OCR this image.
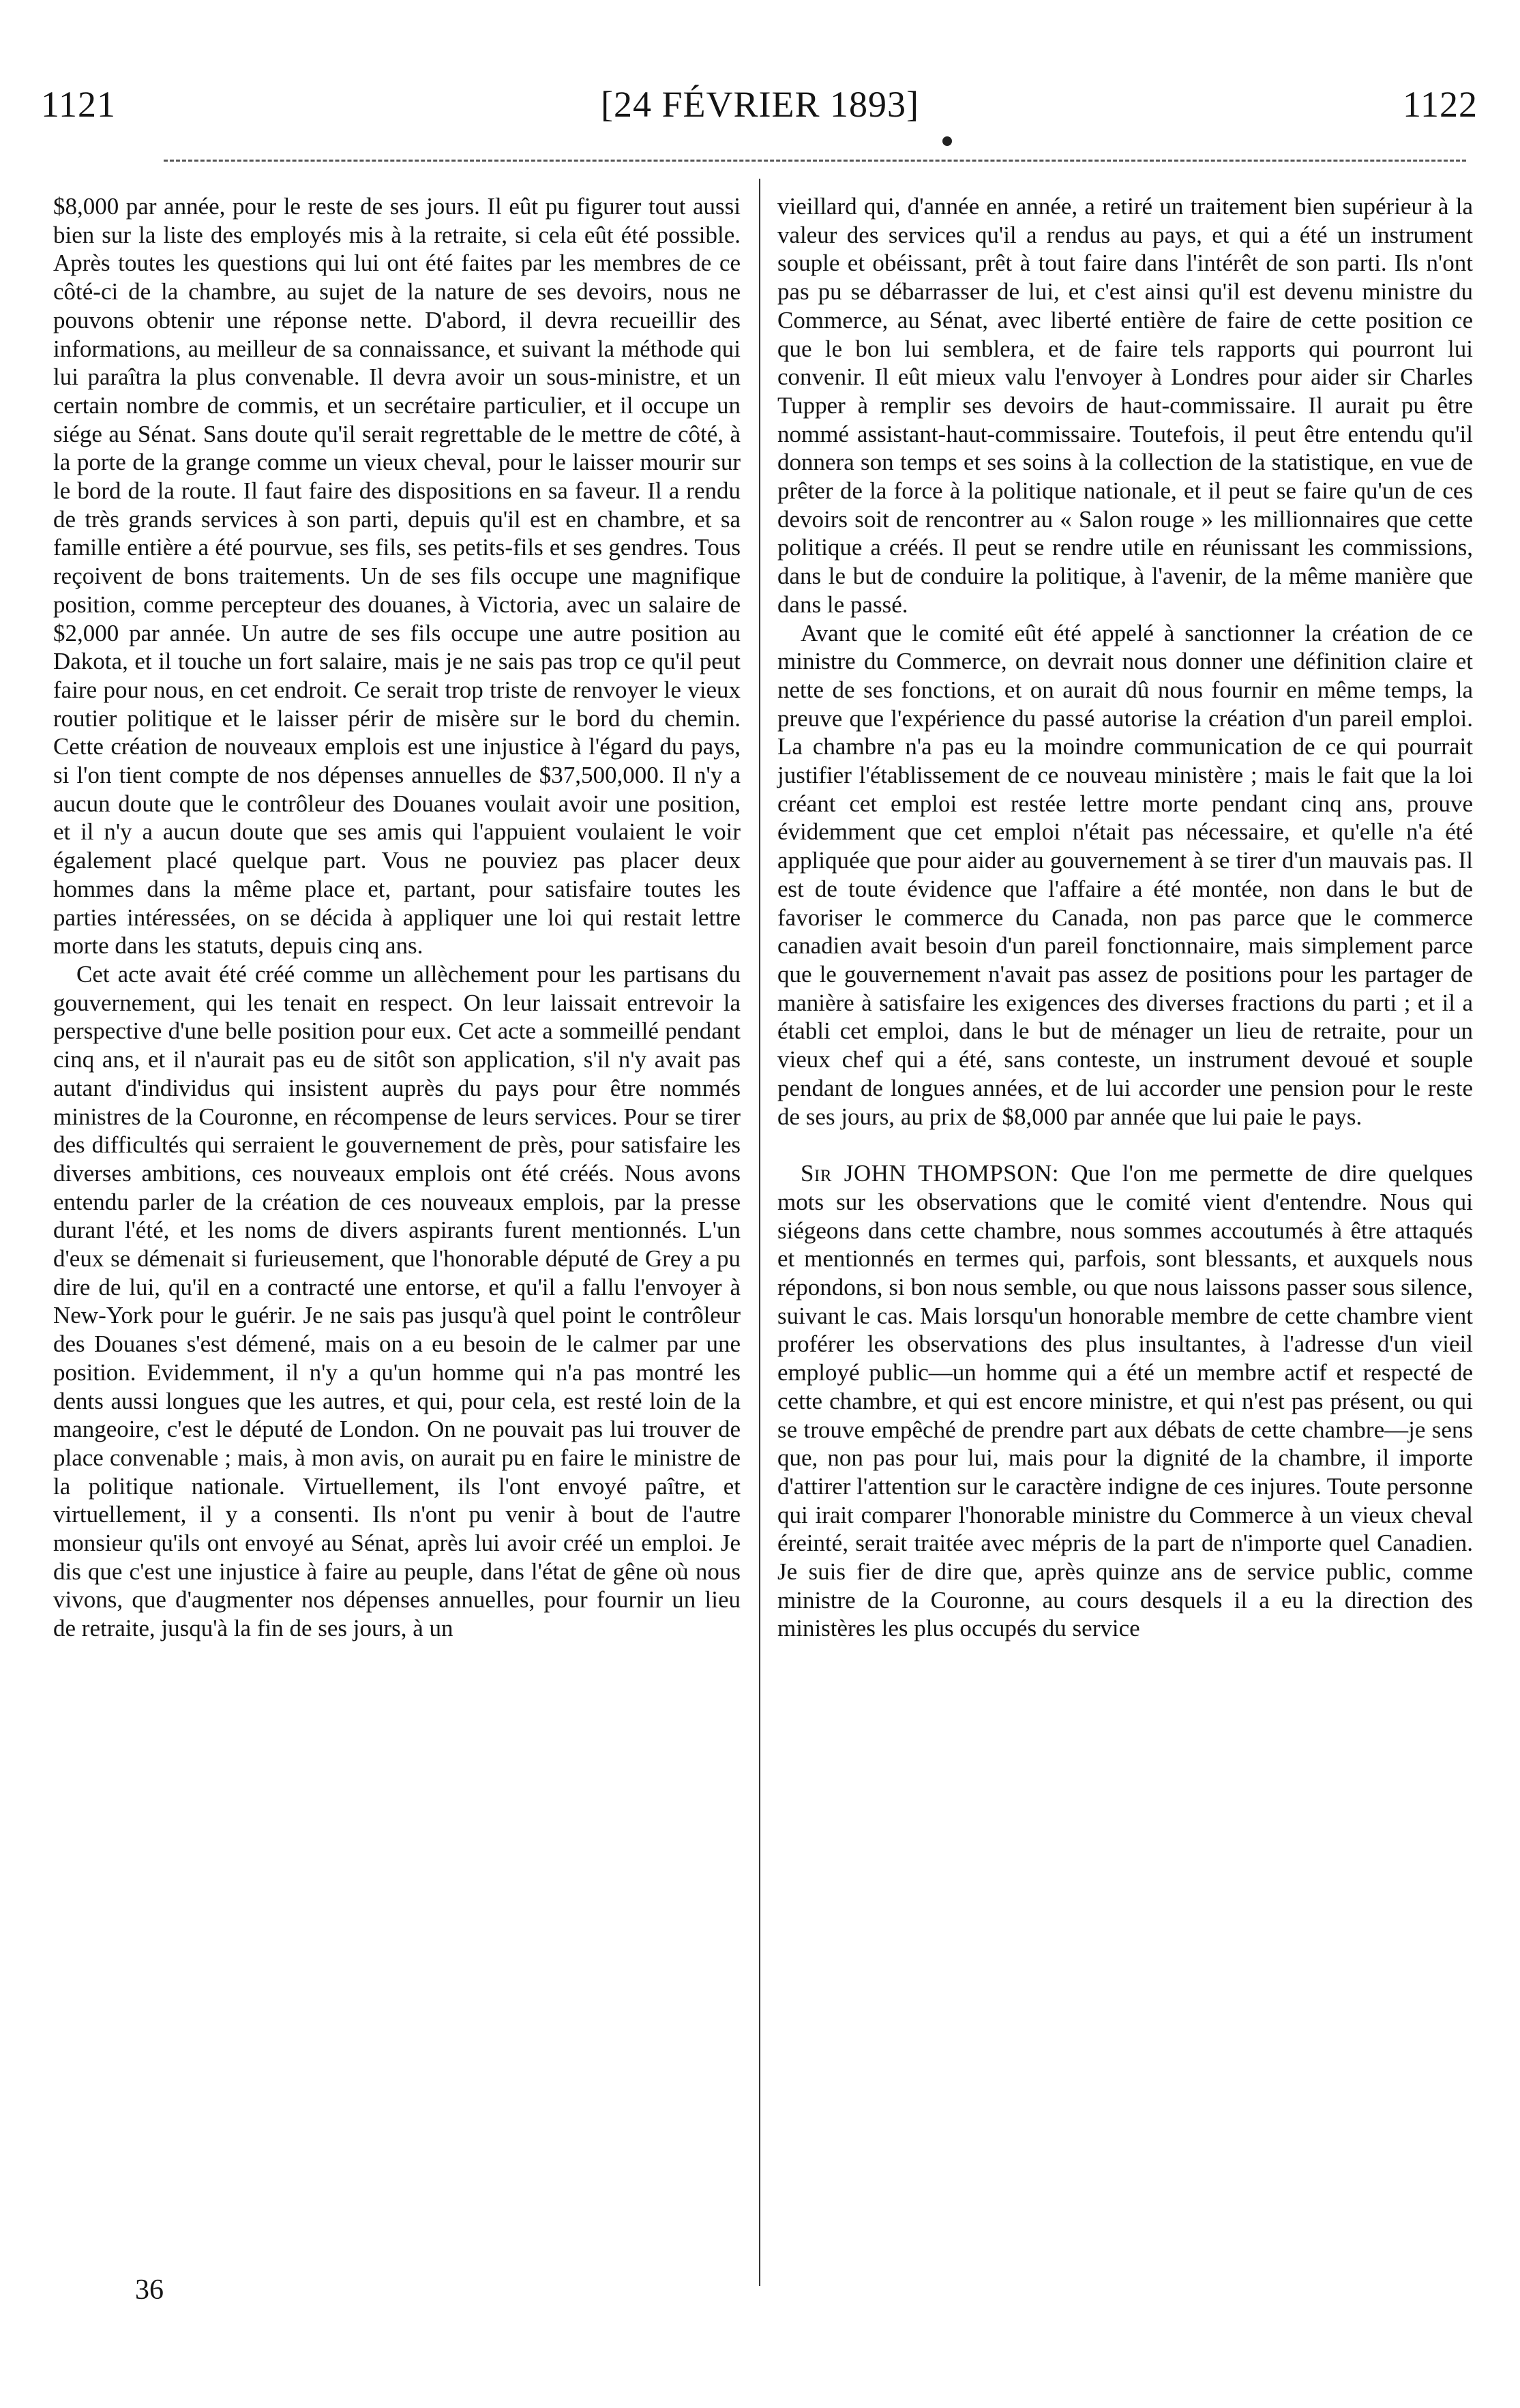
1121	[24 FÉVRIER 1893]	1122

$8,000 par année, pour le reste de ses jours. Il eût pu figurer tout aussi bien sur la liste des employés mis à la retraite, si cela eût été possible. Après toutes les questions qui lui ont été faites par les membres de ce côté-ci de la chambre, au sujet de la nature de ses devoirs, nous ne pouvons obtenir une réponse nette. D'abord, il devra recueillir des informations, au meilleur de sa connaissance, et suivant la méthode qui lui paraîtra la plus convenable. Il devra avoir un sous-ministre, et un certain nombre de commis, et un secrétaire particulier, et il occupe un siége au Sénat. Sans doute qu'il serait regrettable de le mettre de côté, à la porte de la grange comme un vieux cheval, pour le laisser mourir sur le bord de la route. Il faut faire des dispositions en sa faveur. Il a rendu de très grands services à son parti, depuis qu'il est en chambre, et sa famille entière a été pourvue, ses fils, ses petits-fils et ses gendres. Tous reçoivent de bons traitements. Un de ses fils occupe une magnifique position, comme percepteur des douanes, à Victoria, avec un salaire de $2,000 par année. Un autre de ses fils occupe une autre position au Dakota, et il touche un fort salaire, mais je ne sais pas trop ce qu'il peut faire pour nous, en cet endroit. Ce serait trop triste de renvoyer le vieux routier politique et le laisser périr de misère sur le bord du chemin. Cette création de nouveaux emplois est une injustice à l'égard du pays, si l'on tient compte de nos dépenses annuelles de $37,500,000. Il n'y a aucun doute que le contrôleur des Douanes voulait avoir une position, et il n'y a aucun doute que ses amis qui l'appuient voulaient le voir également placé quelque part. Vous ne pouviez pas placer deux hommes dans la même place et, partant, pour satisfaire toutes les parties intéressées, on se décida à appliquer une loi qui restait lettre morte dans les statuts, depuis cinq ans.

Cet acte avait été créé comme un allèchement pour les partisans du gouvernement, qui les tenait en respect. On leur laissait entrevoir la perspective d'une belle position pour eux. Cet acte a sommeillé pendant cinq ans, et il n'aurait pas eu de sitôt son application, s'il n'y avait pas autant d'individus qui insistent auprès du pays pour être nommés ministres de la Couronne, en récompense de leurs services. Pour se tirer des difficultés qui serraient le gouvernement de près, pour satisfaire les diverses ambitions, ces nouveaux emplois ont été créés. Nous avons entendu parler de la création de ces nouveaux emplois, par la presse durant l'été, et les noms de divers aspirants furent mentionnés. L'un d'eux se démenait si furieusement, que l'honorable député de Grey a pu dire de lui, qu'il en a contracté une entorse, et qu'il a fallu l'envoyer à New-York pour le guérir. Je ne sais pas jusqu'à quel point le contrôleur des Douanes s'est démené, mais on a eu besoin de le calmer par une position. Evidemment, il n'y a qu'un homme qui n'a pas montré les dents aussi longues que les autres, et qui, pour cela, est resté loin de la mangeoire, c'est le député de London. On ne pouvait pas lui trouver de place convenable ; mais, à mon avis, on aurait pu en faire le ministre de la politique nationale. Virtuellement, ils l'ont envoyé paître, et virtuellement, il y a consenti. Ils n'ont pu venir à bout de l'autre monsieur qu'ils ont envoyé au Sénat, après lui avoir créé un emploi. Je dis que c'est une injustice à faire au peuple, dans l'état de gêne où nous vivons, que d'augmenter nos dépenses annuelles, pour fournir un lieu de retraite, jusqu'à la fin de ses jours, à un

vieillard qui, d'année en année, a retiré un traitement bien supérieur à la valeur des services qu'il a rendus au pays, et qui a été un instrument souple et obéissant, prêt à tout faire dans l'intérêt de son parti. Ils n'ont pas pu se débarrasser de lui, et c'est ainsi qu'il est devenu ministre du Commerce, au Sénat, avec liberté entière de faire de cette position ce que le bon lui semblera, et de faire tels rapports qui pourront lui convenir. Il eût mieux valu l'envoyer à Londres pour aider sir Charles Tupper à remplir ses devoirs de haut-commissaire. Il aurait pu être nommé assistant-haut-commissaire. Toutefois, il peut être entendu qu'il donnera son temps et ses soins à la collection de la statistique, en vue de prêter de la force à la politique nationale, et il peut se faire qu'un de ces devoirs soit de rencontrer au « Salon rouge » les millionnaires que cette politique a créés. Il peut se rendre utile en réunissant les commissions, dans le but de conduire la politique, à l'avenir, de la même manière que dans le passé.

Avant que le comité eût été appelé à sanctionner la création de ce ministre du Commerce, on devrait nous donner une définition claire et nette de ses fonctions, et on aurait dû nous fournir en même temps, la preuve que l'expérience du passé autorise la création d'un pareil emploi. La chambre n'a pas eu la moindre communication de ce qui pourrait justifier l'établissement de ce nouveau ministère ; mais le fait que la loi créant cet emploi est restée lettre morte pendant cinq ans, prouve évidemment que cet emploi n'était pas nécessaire, et qu'elle n'a été appliquée que pour aider au gouvernement à se tirer d'un mauvais pas. Il est de toute évidence que l'affaire a été montée, non dans le but de favoriser le commerce du Canada, non pas parce que le commerce canadien avait besoin d'un pareil fonctionnaire, mais simplement parce que le gouvernement n'avait pas assez de positions pour les partager de manière à satisfaire les exigences des diverses fractions du parti ; et il a établi cet emploi, dans le but de ménager un lieu de retraite, pour un vieux chef qui a été, sans conteste, un instrument devoué et souple pendant de longues années, et de lui accorder une pension pour le reste de ses jours, au prix de $8,000 par année que lui paie le pays.

Sir JOHN THOMPSON: Que l'on me permette de dire quelques mots sur les observations que le comité vient d'entendre. Nous qui siégeons dans cette chambre, nous sommes accoutumés à être attaqués et mentionnés en termes qui, parfois, sont blessants, et auxquels nous répondons, si bon nous semble, ou que nous laissons passer sous silence, suivant le cas. Mais lorsqu'un honorable membre de cette chambre vient proférer les observations des plus insultantes, à l'adresse d'un vieil employé public—un homme qui a été un membre actif et respecté de cette chambre, et qui est encore ministre, et qui n'est pas présent, ou qui se trouve empêché de prendre part aux débats de cette chambre—je sens que, non pas pour lui, mais pour la dignité de la chambre, il importe d'attirer l'attention sur le caractère indigne de ces injures. Toute personne qui irait comparer l'honorable ministre du Commerce à un vieux cheval éreinté, serait traitée avec mépris de la part de n'importe quel Canadien. Je suis fier de dire que, après quinze ans de service public, comme ministre de la Couronne, au cours desquels il a eu la direction des ministères les plus occupés du service

36
